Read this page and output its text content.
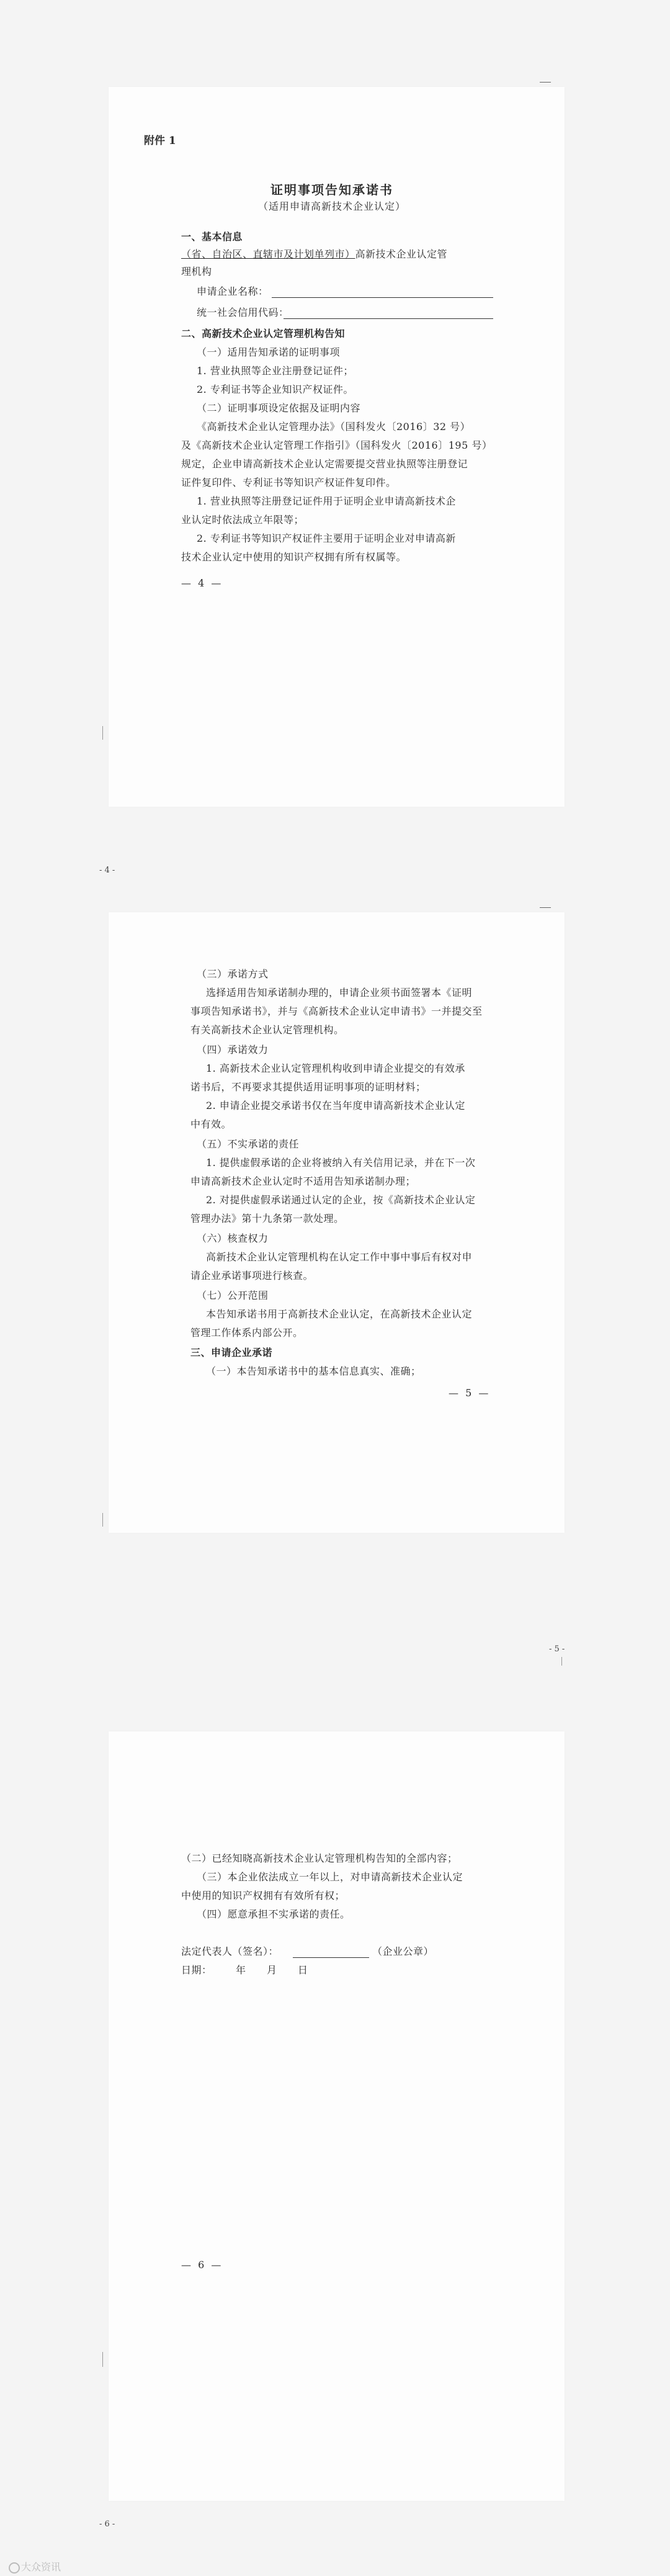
附件 1
证明事项告知承诺书
（适用申请高新技术企业认定）
一、基本信息
（省、自治区、直辖市及计划单列市）高新技术企业认定管
理机构
申请企业名称：
统一社会信用代码：
二、高新技术企业认定管理机构告知
（一）适用告知承诺的证明事项
1. 营业执照等企业注册登记证件；
2. 专利证书等企业知识产权证件。
（二）证明事项设定依据及证明内容
《高新技术企业认定管理办法》（国科发火〔2016〕32 号）
及《高新技术企业认定管理工作指引》（国科发火〔2016〕195 号）
规定，企业申请高新技术企业认定需要提交营业执照等注册登记
证件复印件、专利证书等知识产权证件复印件。
1. 营业执照等注册登记证件用于证明企业申请高新技术企
业认定时依法成立年限等；
2. 专利证书等知识产权证件主要用于证明企业对申请高新
技术企业认定中使用的知识产权拥有所有权属等。
— 4 —
- 4 -
（三）承诺方式
选择适用告知承诺制办理的，申请企业须书面签署本《证明
事项告知承诺书》，并与《高新技术企业认定申请书》一并提交至
有关高新技术企业认定管理机构。
（四）承诺效力
1. 高新技术企业认定管理机构收到申请企业提交的有效承
诺书后，不再要求其提供适用证明事项的证明材料；
2. 申请企业提交承诺书仅在当年度申请高新技术企业认定
中有效。
（五）不实承诺的责任
1. 提供虚假承诺的企业将被纳入有关信用记录，并在下一次
申请高新技术企业认定时不适用告知承诺制办理；
2. 对提供虚假承诺通过认定的企业，按《高新技术企业认定
管理办法》第十九条第一款处理。
（六）核查权力
高新技术企业认定管理机构在认定工作中事中事后有权对申
请企业承诺事项进行核查。
（七）公开范围
本告知承诺书用于高新技术企业认定，在高新技术企业认定
管理工作体系内部公开。
三、申请企业承诺
（一）本告知承诺书中的基本信息真实、准确；
— 5 —
- 5 -
（二）已经知晓高新技术企业认定管理机构告知的全部内容；
（三）本企业依法成立一年以上，对申请高新技术企业认定
中使用的知识产权拥有有效所有权；
（四）愿意承担不实承诺的责任。
法定代表人（签名）：	（企业公章）
日期： 年 月 日
— 6 —
- 6 -
大众资讯
